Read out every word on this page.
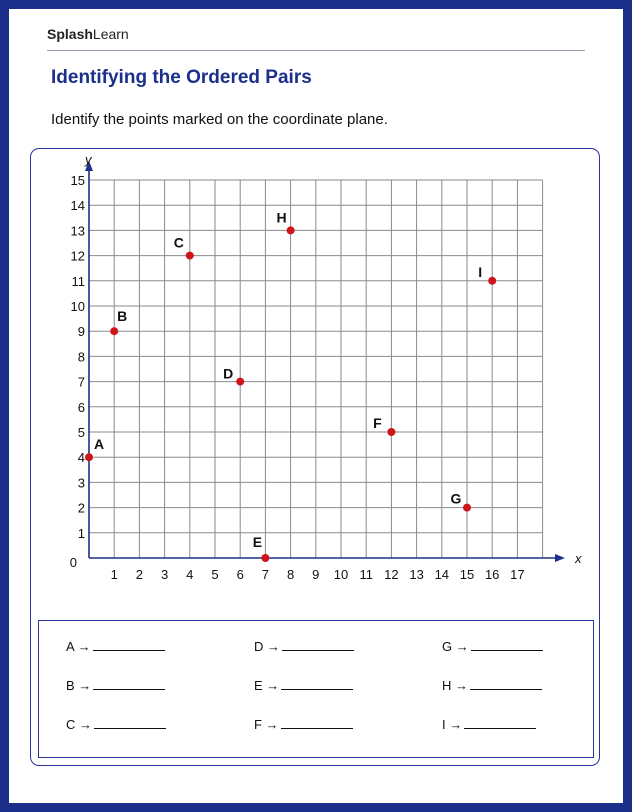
SplashLearn
Identifying the Ordered Pairs
Identify the points marked on the coordinate plane.
x
y
0
1 2 3 4 5 6 7 8 9 10 11 12 13 14 15 16 17
1
2
3
4
5
6
7
8
9
10
11
12
13
14
15
A
B
C
D
E
F
G
H
I
A →	D →	G →
B →	E →	H →
C →	F →	I →
